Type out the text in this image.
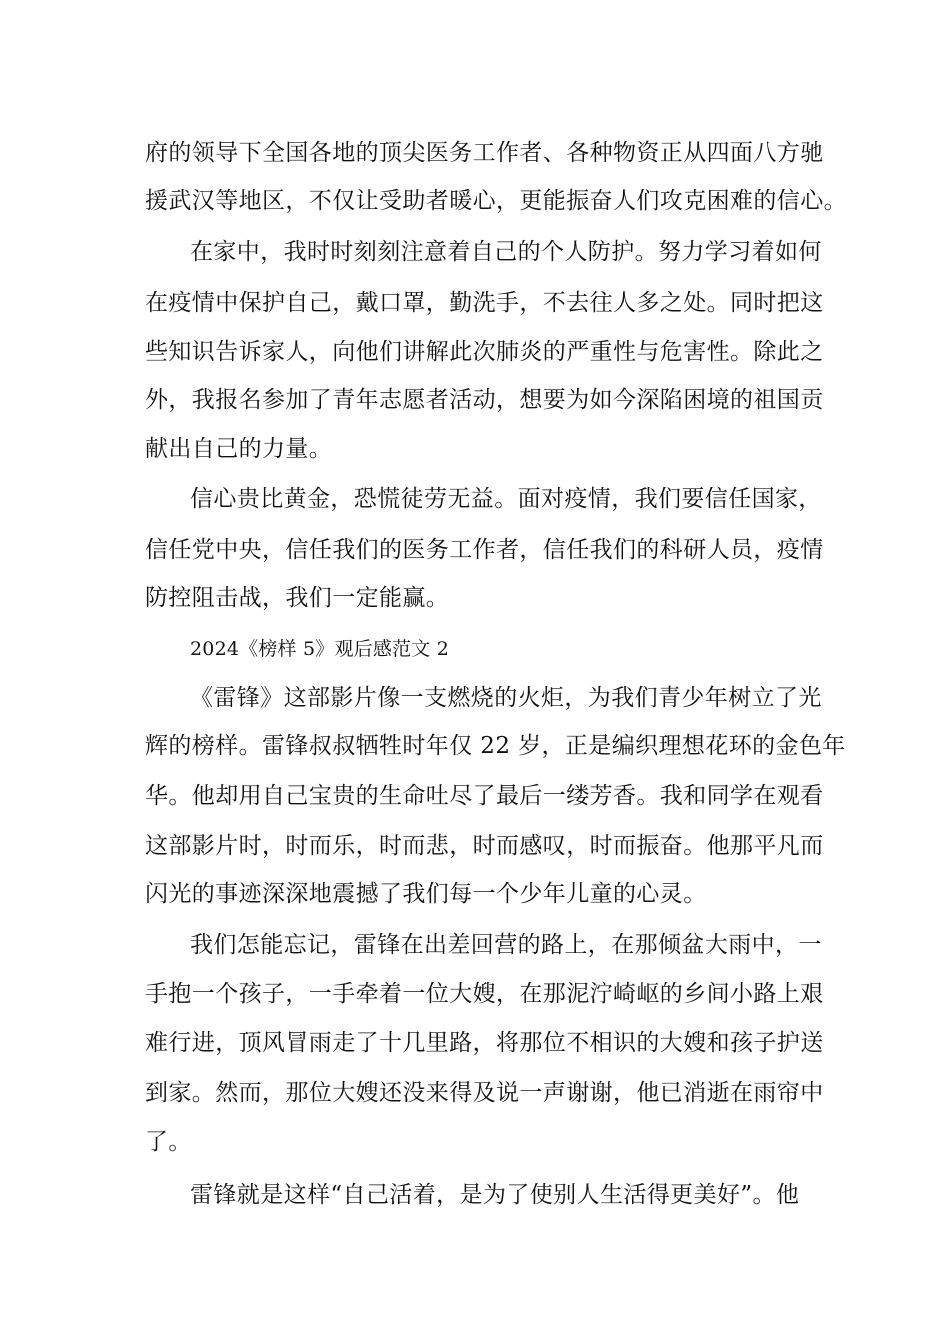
府的领导下全国各地的顶尖医务工作者、各种物资正从四面八方驰
援武汉等地区，不仅让受助者暖心，更能振奋人们攻克困难的信心。
在家中，我时时刻刻注意着自己的个人防护。努力学习着如何
在疫情中保护自己，戴口罩，勤洗手，不去往人多之处。同时把这
些知识告诉家人，向他们讲解此次肺炎的严重性与危害性。除此之
外，我报名参加了青年志愿者活动，想要为如今深陷困境的祖国贡
献出自己的力量。
信心贵比黄金，恐慌徒劳无益。面对疫情，我们要信任国家，
信任党中央，信任我们的医务工作者，信任我们的科研人员，疫情
防控阻击战，我们一定能赢。
2024《榜样 5》观后感范文 2
《雷锋》这部影片像一支燃烧的火炬，为我们青少年树立了光
辉的榜样。雷锋叔叔牺牲时年仅 22 岁，正是编织理想花环的金色年
华。他却用自己宝贵的生命吐尽了最后一缕芳香。我和同学在观看
这部影片时，时而乐，时而悲，时而感叹，时而振奋。他那平凡而
闪光的事迹深深地震撼了我们每一个少年儿童的心灵。
我们怎能忘记，雷锋在出差回营的路上，在那倾盆大雨中，一
手抱一个孩子，一手牵着一位大嫂，在那泥泞崎岖的乡间小路上艰
难行进，顶风冒雨走了十几里路，将那位不相识的大嫂和孩子护送
到家。然而，那位大嫂还没来得及说一声谢谢，他已消逝在雨帘中
了。
雷锋就是这样“自己活着，是为了使别人生活得更美好”。他
